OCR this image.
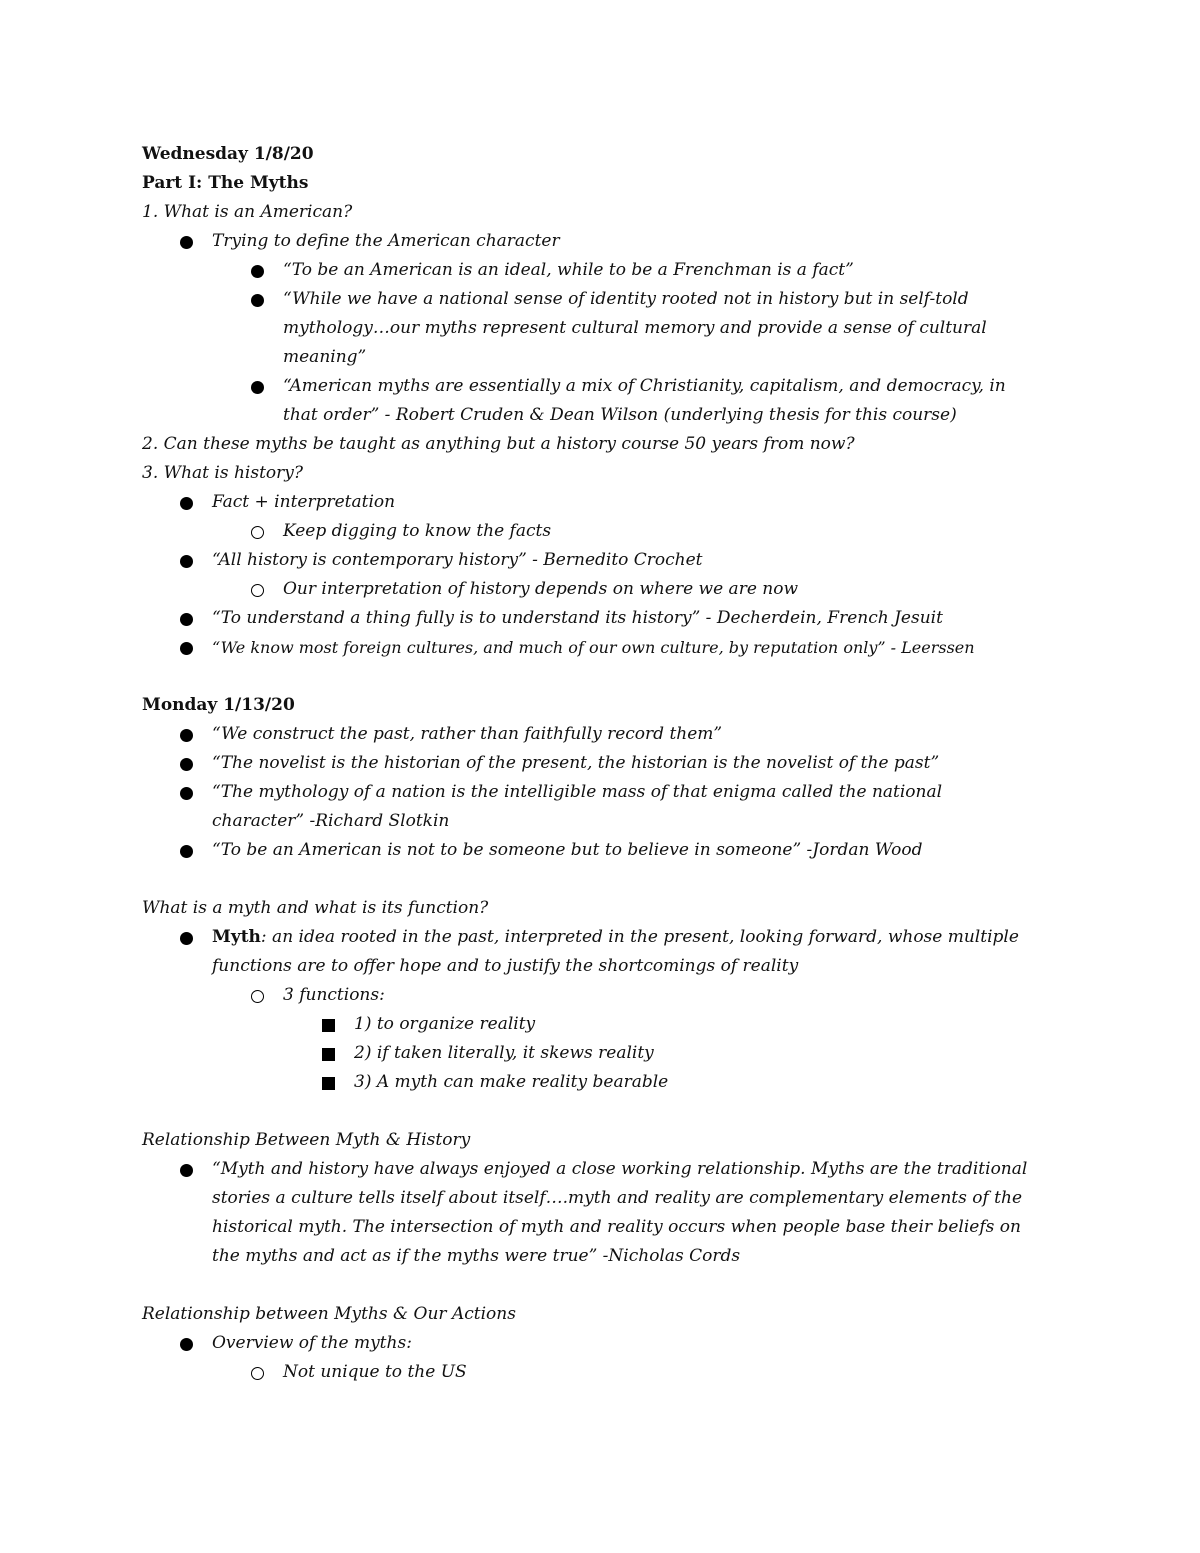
Wednesday 1/8/20
Part I: The Myths
1. What is an American?
Trying to define the American character
“To be an American is an ideal, while to be a Frenchman is a fact”
“While we have a national sense of identity rooted not in history but in self-told mythology…our myths represent cultural memory and provide a sense of cultural meaning”
“American myths are essentially a mix of Christianity, capitalism, and democracy, in that order” - Robert Cruden & Dean Wilson (underlying thesis for this course)
2. Can these myths be taught as anything but a history course 50 years from now?
3. What is history?
Fact + interpretation
Keep digging to know the facts
“All history is contemporary history” - Bernedito Crochet
Our interpretation of history depends on where we are now
“To understand a thing fully is to understand its history” - Decherdein, French Jesuit
“We know most foreign cultures, and much of our own culture, by reputation only” - Leerssen
Monday 1/13/20
“We construct the past, rather than faithfully record them”
“The novelist is the historian of the present, the historian is the novelist of the past”
“The mythology of a nation is the intelligible mass of that enigma called the national character” -Richard Slotkin
“To be an American is not to be someone but to believe in someone” -Jordan Wood
What is a myth and what is its function?
Myth: an idea rooted in the past, interpreted in the present, looking forward, whose multiple functions are to offer hope and to justify the shortcomings of reality
3 functions:
1) to organize reality
2) if taken literally, it skews reality
3) A myth can make reality bearable
Relationship Between Myth & History
“Myth and history have always enjoyed a close working relationship. Myths are the traditional stories a culture tells itself about itself….myth and reality are complementary elements of the historical myth. The intersection of myth and reality occurs when people base their beliefs on the myths and act as if the myths were true” -Nicholas Cords
Relationship between Myths & Our Actions
Overview of the myths:
Not unique to the US
